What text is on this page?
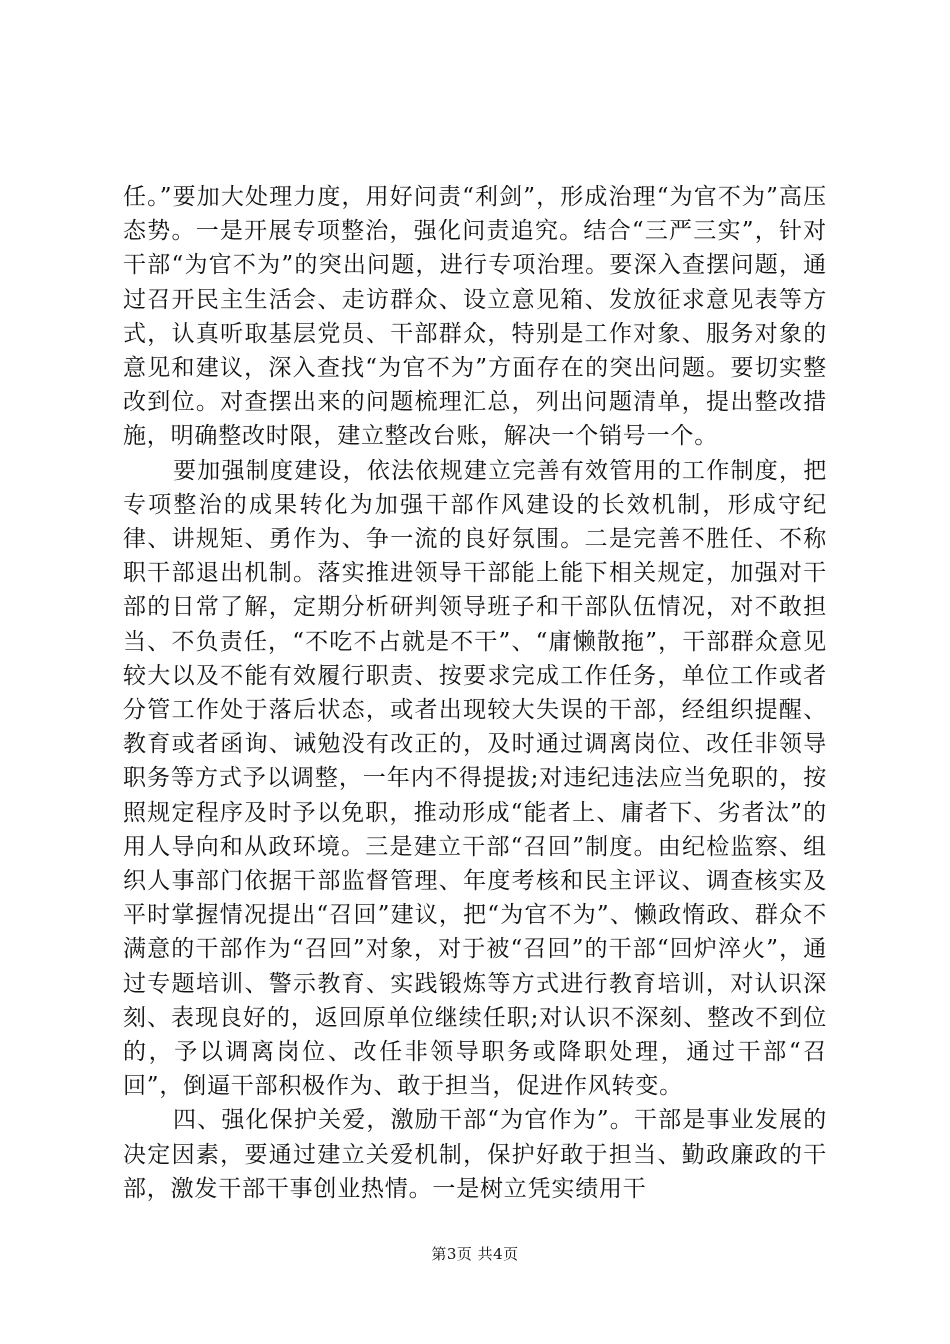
任。”要加大处理力度，用好问责“利剑”，形成治理“为官不为”高压态势。一是开展专项整治，强化问责追究。结合“三严三实”，针对干部“为官不为”的突出问题，进行专项治理。要深入查摆问题，通过召开民主生活会、走访群众、设立意见箱、发放征求意见表等方式，认真听取基层党员、干部群众，特别是工作对象、服务对象的意见和建议，深入查找“为官不为”方面存在的突出问题。要切实整改到位。对查摆出来的问题梳理汇总，列出问题清单，提出整改措施，明确整改时限，建立整改台账，解决一个销号一个。

要加强制度建设，依法依规建立完善有效管用的工作制度，把专项整治的成果转化为加强干部作风建设的长效机制，形成守纪律、讲规矩、勇作为、争一流的良好氛围。二是完善不胜任、不称职干部退出机制。落实推进领导干部能上能下相关规定，加强对干部的日常了解，定期分析研判领导班子和干部队伍情况，对不敢担当、不负责任，“不吃不占就是不干”、“庸懒散拖”，干部群众意见较大以及不能有效履行职责、按要求完成工作任务，单位工作或者分管工作处于落后状态，或者出现较大失误的干部，经组织提醒、教育或者函询、诫勉没有改正的，及时通过调离岗位、改任非领导职务等方式予以调整，一年内不得提拔;对违纪违法应当免职的，按照规定程序及时予以免职，推动形成“能者上、庸者下、劣者汰”的用人导向和从政环境。三是建立干部“召回”制度。由纪检监察、组织人事部门依据干部监督管理、年度考核和民主评议、调查核实及平时掌握情况提出“召回”建议，把“为官不为”、懒政惰政、群众不满意的干部作为“召回”对象，对于被“召回”的干部“回炉淬火”，通过专题培训、警示教育、实践锻炼等方式进行教育培训，对认识深刻、表现良好的，返回原单位继续任职;对认识不深刻、整改不到位的，予以调离岗位、改任非领导职务或降职处理，通过干部“召回”，倒逼干部积极作为、敢于担当，促进作风转变。

四、强化保护关爱，激励干部“为官作为”。干部是事业发展的决定因素，要通过建立关爱机制，保护好敢于担当、勤政廉政的干部，激发干部干事创业热情。一是树立凭实绩用干

第3页 共4页
